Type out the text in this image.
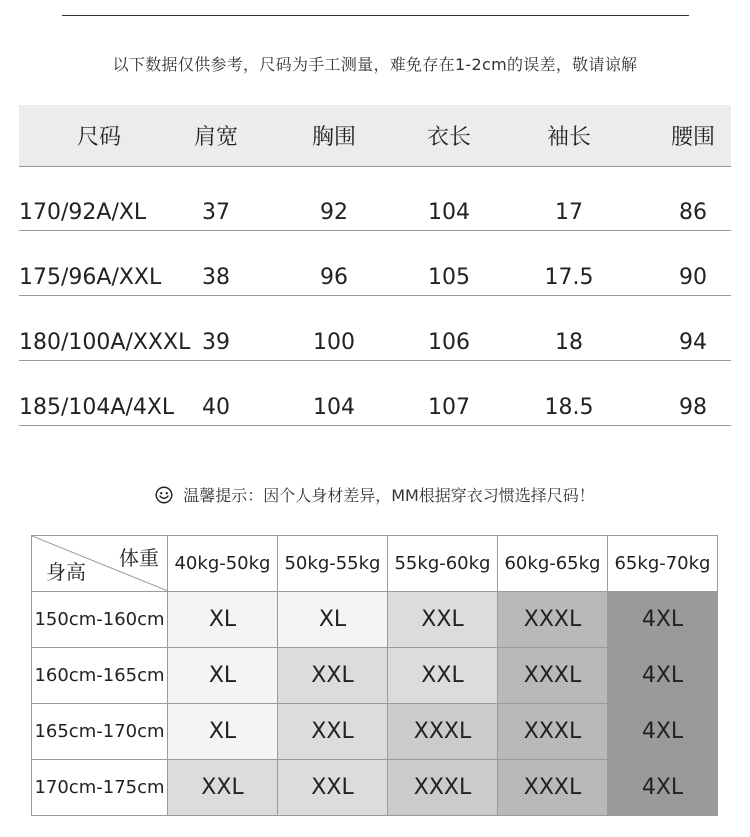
以下数据仅供参考，尺码为手工测量，难免存在1-2cm的误差，敬请谅解
尺码	肩宽	胸围	衣长	袖长	腰围
170/92A/XL	37	92	104	17	86
175/96A/XXL	38	96	105	17.5	90
180/100A/XXXL 39	100	106	18	94
185/104A/4XL	40	104	107	18.5	98
温馨提示：因个人身材差异，MM根据穿衣习惯选择尺码！
体重
身高	40kg-50kg	50kg-55kg	55kg-60kg	60kg-65kg	65kg-70kg
150cm-160cm	XL	XL	XXL	XXXL	4XL
160cm-165cm	XL	XXL	XXL	XXXL	4XL
165cm-170cm	XL	XXL	XXXL	XXXL	4XL
170cm-175cm	XXL	XXL	XXXL	XXXL	4XL
